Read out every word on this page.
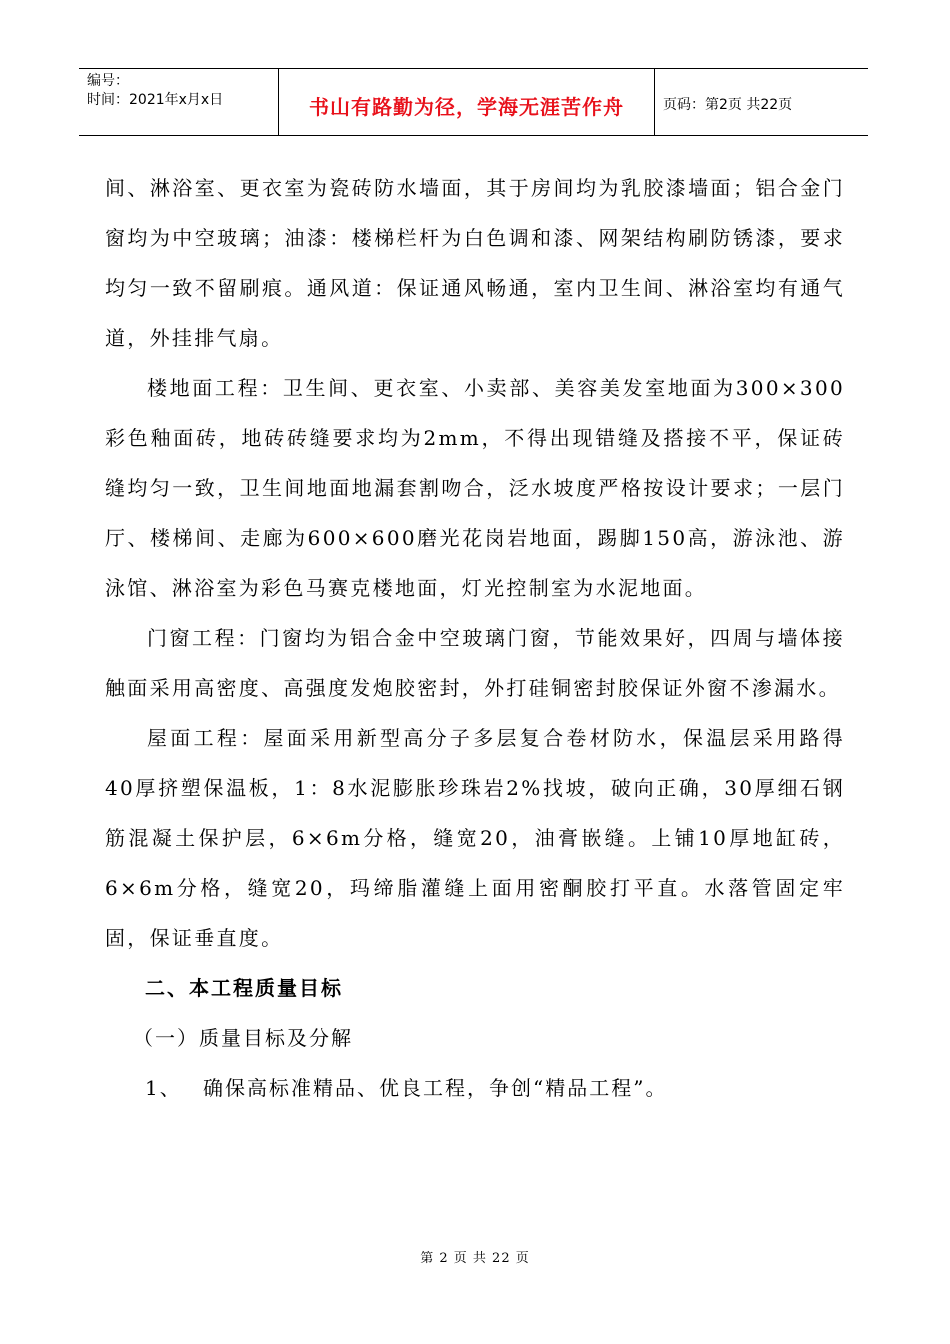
编号：
时间：2021年x月x日	书山有路勤为径，学海无涯苦作舟	页码：第2页 共22页

间、淋浴室、更衣室为瓷砖防水墙面，其于房间均为乳胶漆墙面；铝合金门窗均为中空玻璃；油漆：楼梯栏杆为白色调和漆、网架结构刷防锈漆，要求均匀一致不留刷痕。通风道：保证通风畅通，室内卫生间、淋浴室均有通气道，外挂排气扇。

楼地面工程：卫生间、更衣室、小卖部、美容美发室地面为300×300彩色釉面砖，地砖砖缝要求均为2mm，不得出现错缝及搭接不平，保证砖缝均匀一致，卫生间地面地漏套割吻合，泛水坡度严格按设计要求；一层门厅、楼梯间、走廊为600×600磨光花岗岩地面，踢脚150高，游泳池、游泳馆、淋浴室为彩色马赛克楼地面，灯光控制室为水泥地面。

门窗工程：门窗均为铝合金中空玻璃门窗，节能效果好，四周与墙体接触面采用高密度、高强度发炮胶密封，外打硅铜密封胶保证外窗不渗漏水。

屋面工程：屋面采用新型高分子多层复合卷材防水，保温层采用路得40厚挤塑保温板，1：8水泥膨胀珍珠岩2%找坡，破向正确，30厚细石钢筋混凝土保护层，6×6m分格，缝宽20，油膏嵌缝。上铺10厚地缸砖，6×6m分格，缝宽20，玛缔脂灌缝上面用密酮胶打平直。水落管固定牢固，保证垂直度。

二、本工程质量目标

（一）质量目标及分解

1、 确保高标准精品、优良工程，争创“精品工程”。

第 2 页 共 22 页
